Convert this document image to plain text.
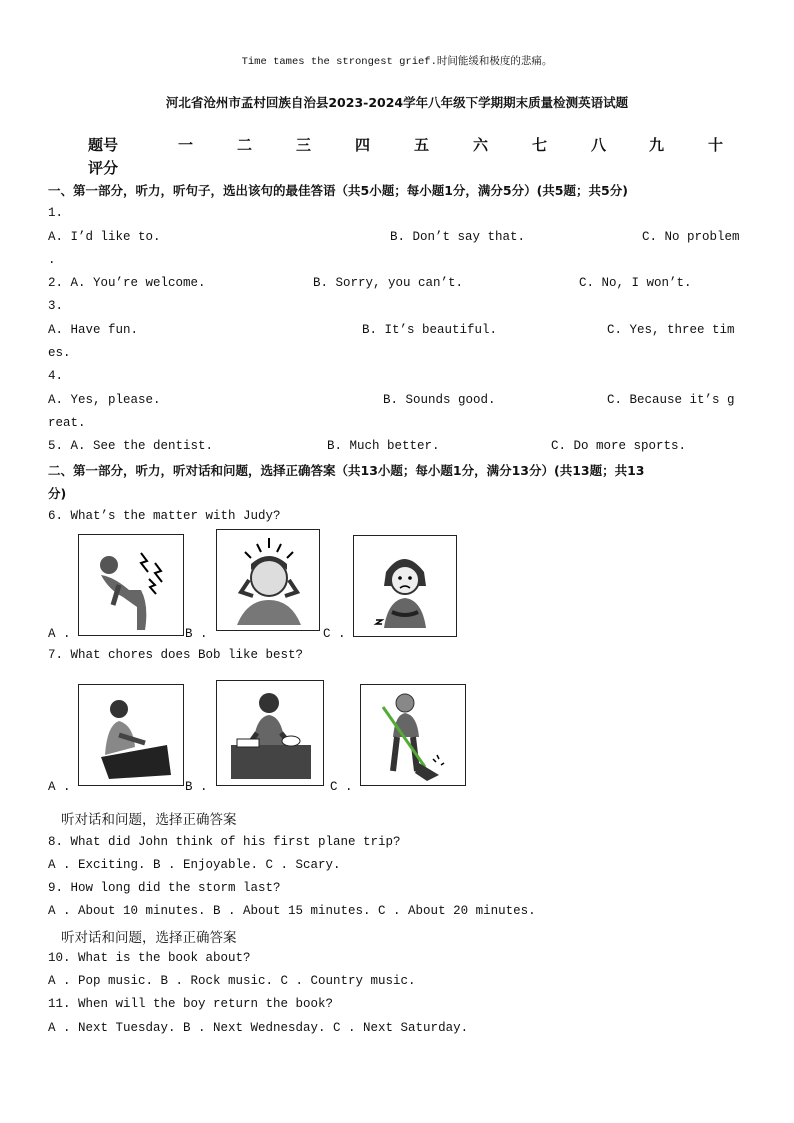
Time tames the strongest grief.时间能缓和极度的悲痛。
河北省沧州市孟村回族自治县2023-2024学年八年级下学期期末质量检测英语试题
题号	一	二	三	四	五	六	七	八	九	十
评分
一、第一部分，听力，听句子，选出该句的最佳答语（共5小题；每小题1分，满分5分）(共5题；共5分)
1.
A. I’d like to.	B. Don’t say that.	C. No problem
.
2. A. You’re welcome.	B. Sorry, you can’t.	C. No, I won’t.
3.
A. Have fun.	B. It’s beautiful.	C. Yes, three tim
es.
4.
A. Yes, please.	B. Sounds good.	C. Because it’s g
reat.
5. A. See the dentist.	B. Much better.	C. Do more sports.
二、第一部分，听力，听对话和问题，选择正确答案（共13小题；每小题1分，满分13分）(共13题；共13
分)
6. What’s the matter with Judy?
A .	B .	C .
7. What chores does Bob like best?
A .	B .	C .
听对话和问题，选择正确答案
8. What did John think of his first plane trip?
A . Exciting. B . Enjoyable. C . Scary.
9. How long did the storm last?
A . About 10 minutes. B . About 15 minutes. C . About 20 minutes.
听对话和问题，选择正确答案
10. What is the book about?
A . Pop music. B . Rock music. C . Country music.
11. When will the boy return the book?
A . Next Tuesday. B . Next Wednesday. C . Next Saturday.
